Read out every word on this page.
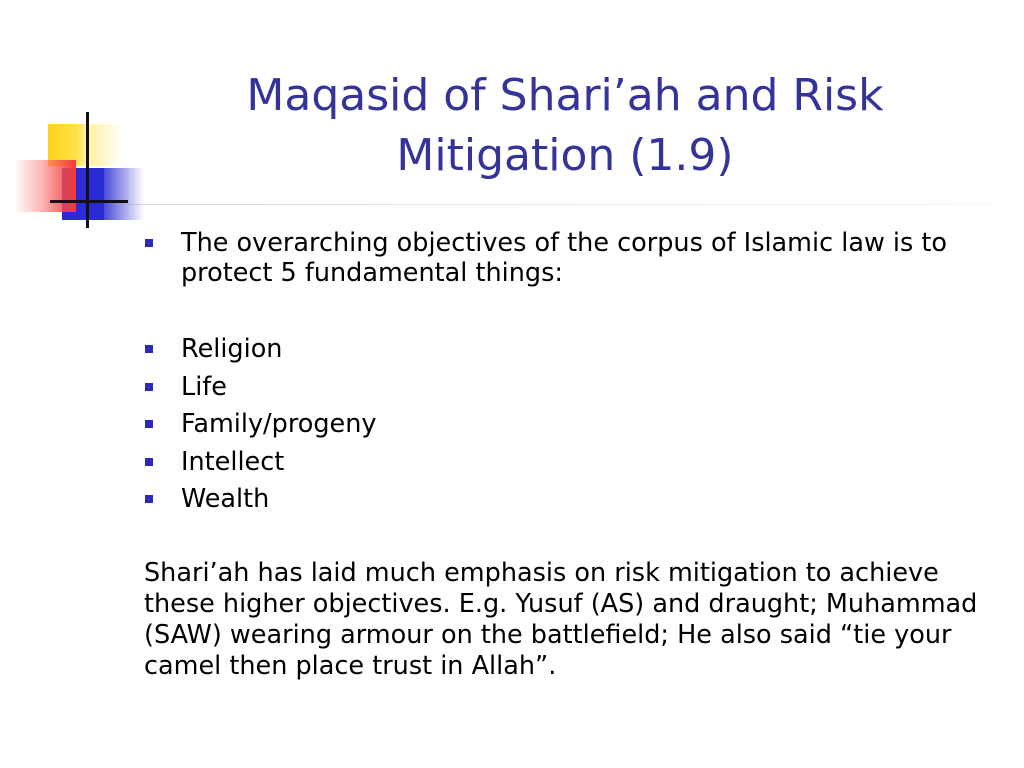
Maqasid of Shari’ah and Risk
Mitigation (1.9)
The overarching objectives of the corpus of Islamic law is to protect 5 fundamental things:
Religion
Life
Family/progeny
Intellect
Wealth

Shari’ah has laid much emphasis on risk mitigation to achieve these higher objectives. E.g. Yusuf (AS) and draught; Muhammad (SAW) wearing armour on the battlefield; He also said “tie your camel then place trust in Allah”.
